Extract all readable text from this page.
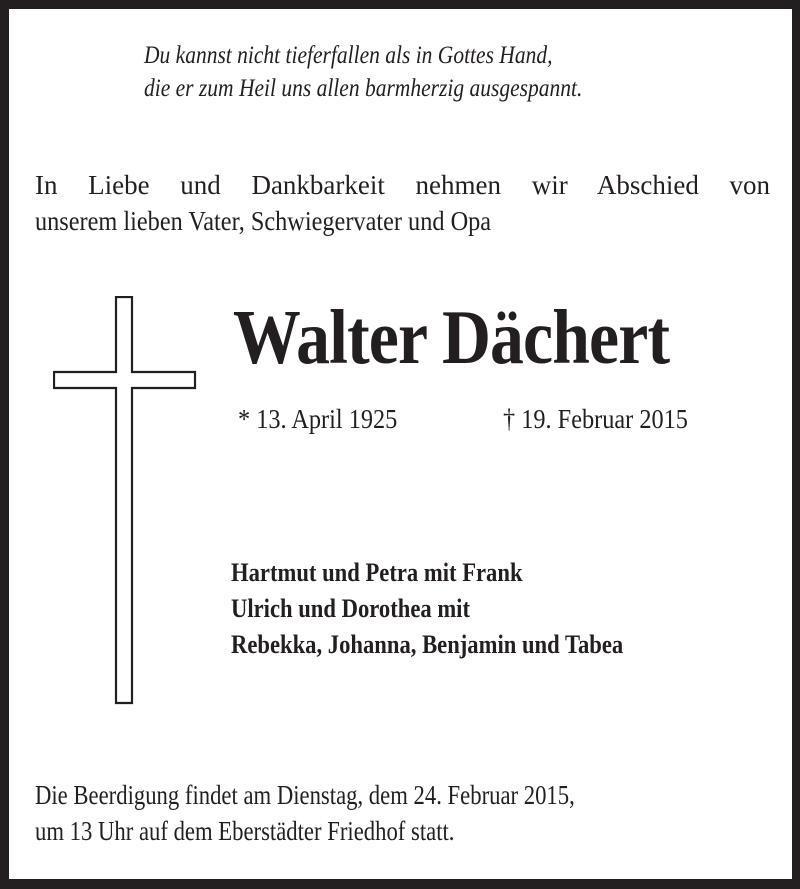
Du kannst nicht tieferfallen als in Gottes Hand,
die er zum Heil uns allen barmherzig ausgespannt.
In Liebe und Dankbarkeit nehmen wir Abschied von
unserem lieben Vater, Schwiegervater und Opa
Walter Dächert
* 13. April 1925	† 19. Februar 2015
Hartmut und Petra mit Frank
Ulrich und Dorothea mit
Rebekka, Johanna, Benjamin und Tabea
Die Beerdigung findet am Dienstag, dem 24. Februar 2015,
um 13 Uhr auf dem Eberstädter Friedhof statt.
